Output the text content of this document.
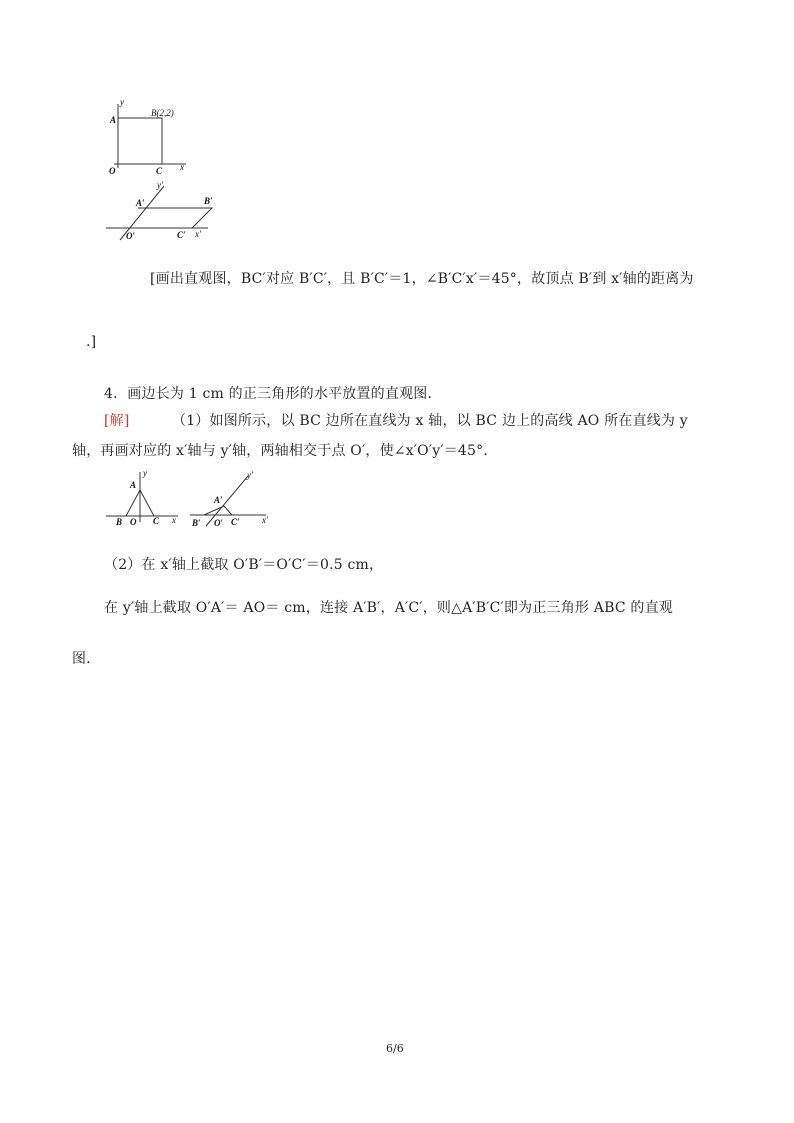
y
A
B(2,2)
O	C x
y′
A′	B′
O′	C′ x′
[画出直观图，BC′对应 B′C′，且 B′C′＝1，∠B′C′x′＝45°，故顶点 B′到 x′轴的距离为
.]
4．画边长为 1 cm 的正三角形的水平放置的直观图．
[解]	（1）如图所示，以 BC 边所在直线为 x 轴，以 BC 边上的高线 AO 所在直线为 y
轴，再画对应的 x′轴与 y′轴，两轴相交于点 O′，使∠x′O′y′＝45°.
y
A
B O C x
y′
A′
B′ O′ C′ x′
（2）在 x′轴上截取 O′B′＝O′C′＝0.5 cm，
在 y′轴上截取 O′A′＝ AO＝ cm，连接 A′B′，A′C′，则△A′B′C′即为正三角形 ABC 的直观
图．
6/6
